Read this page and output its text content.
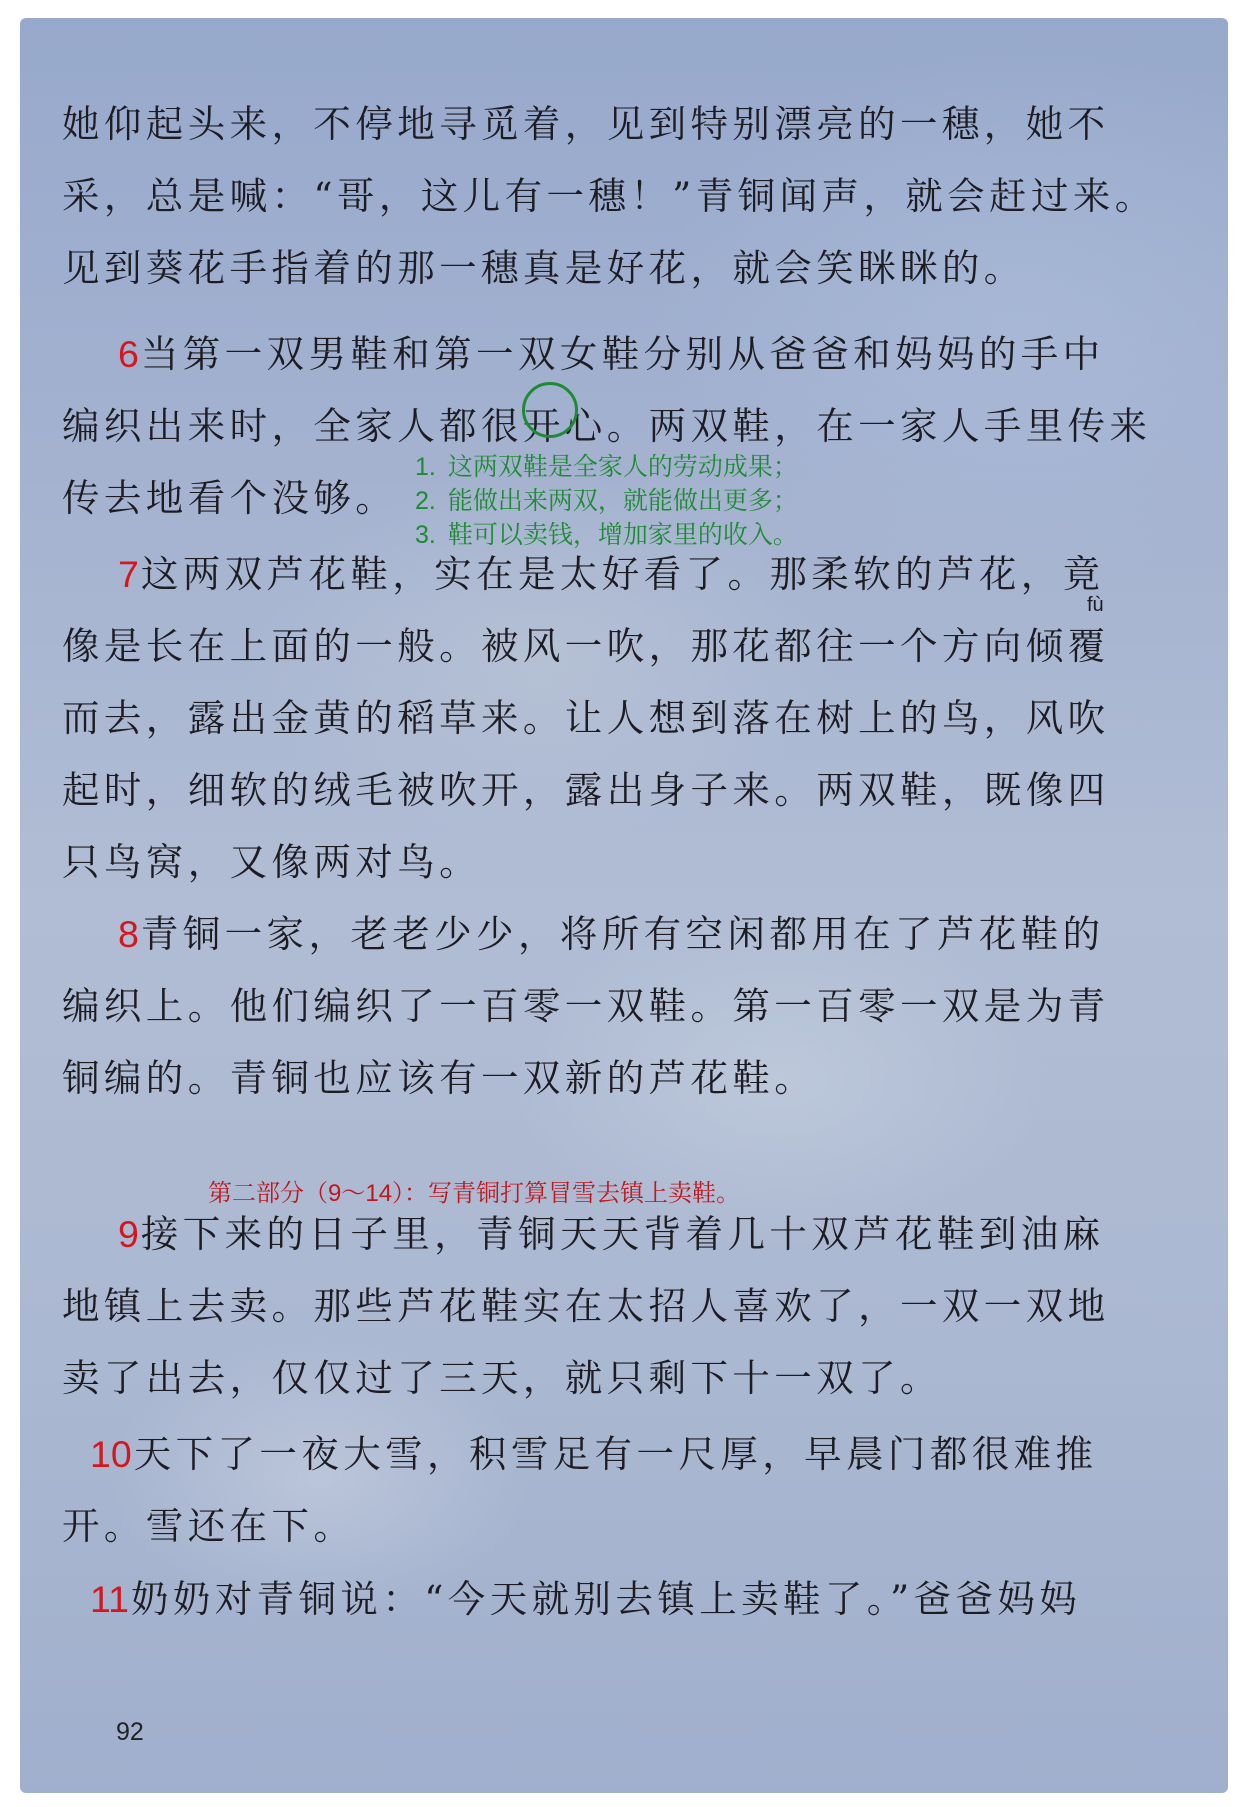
她仰起头来，不停地寻觅着，见到特别漂亮的一穗，她不
采，总是喊：“哥，这儿有一穗！”青铜闻声，就会赶过来。
见到葵花手指着的那一穗真是好花，就会笑眯眯的。
6当第一双男鞋和第一双女鞋分别从爸爸和妈妈的手中
编织出来时，全家人都很开心。两双鞋，在一家人手里传来
传去地看个没够。
7这两双芦花鞋，实在是太好看了。那柔软的芦花，竟
像是长在上面的一般。被风一吹，那花都往一个方向倾覆
而去，露出金黄的稻草来。让人想到落在树上的鸟，风吹
起时，细软的绒毛被吹开，露出身子来。两双鞋，既像四
只鸟窝，又像两对鸟。
8青铜一家，老老少少，将所有空闲都用在了芦花鞋的
编织上。他们编织了一百零一双鞋。第一百零一双是为青
铜编的。青铜也应该有一双新的芦花鞋。
9接下来的日子里，青铜天天背着几十双芦花鞋到油麻
地镇上去卖。那些芦花鞋实在太招人喜欢了，一双一双地
卖了出去，仅仅过了三天，就只剩下十一双了。
10天下了一夜大雪，积雪足有一尺厚，早晨门都很难推
开。雪还在下。
11奶奶对青铜说：“今天就别去镇上卖鞋了。”爸爸妈妈
1. 这两双鞋是全家人的劳动成果；
2. 能做出来两双，就能做出更多；
3. 鞋可以卖钱，增加家里的收入。
fù
第二部分（9～14）：写青铜打算冒雪去镇上卖鞋。
92
